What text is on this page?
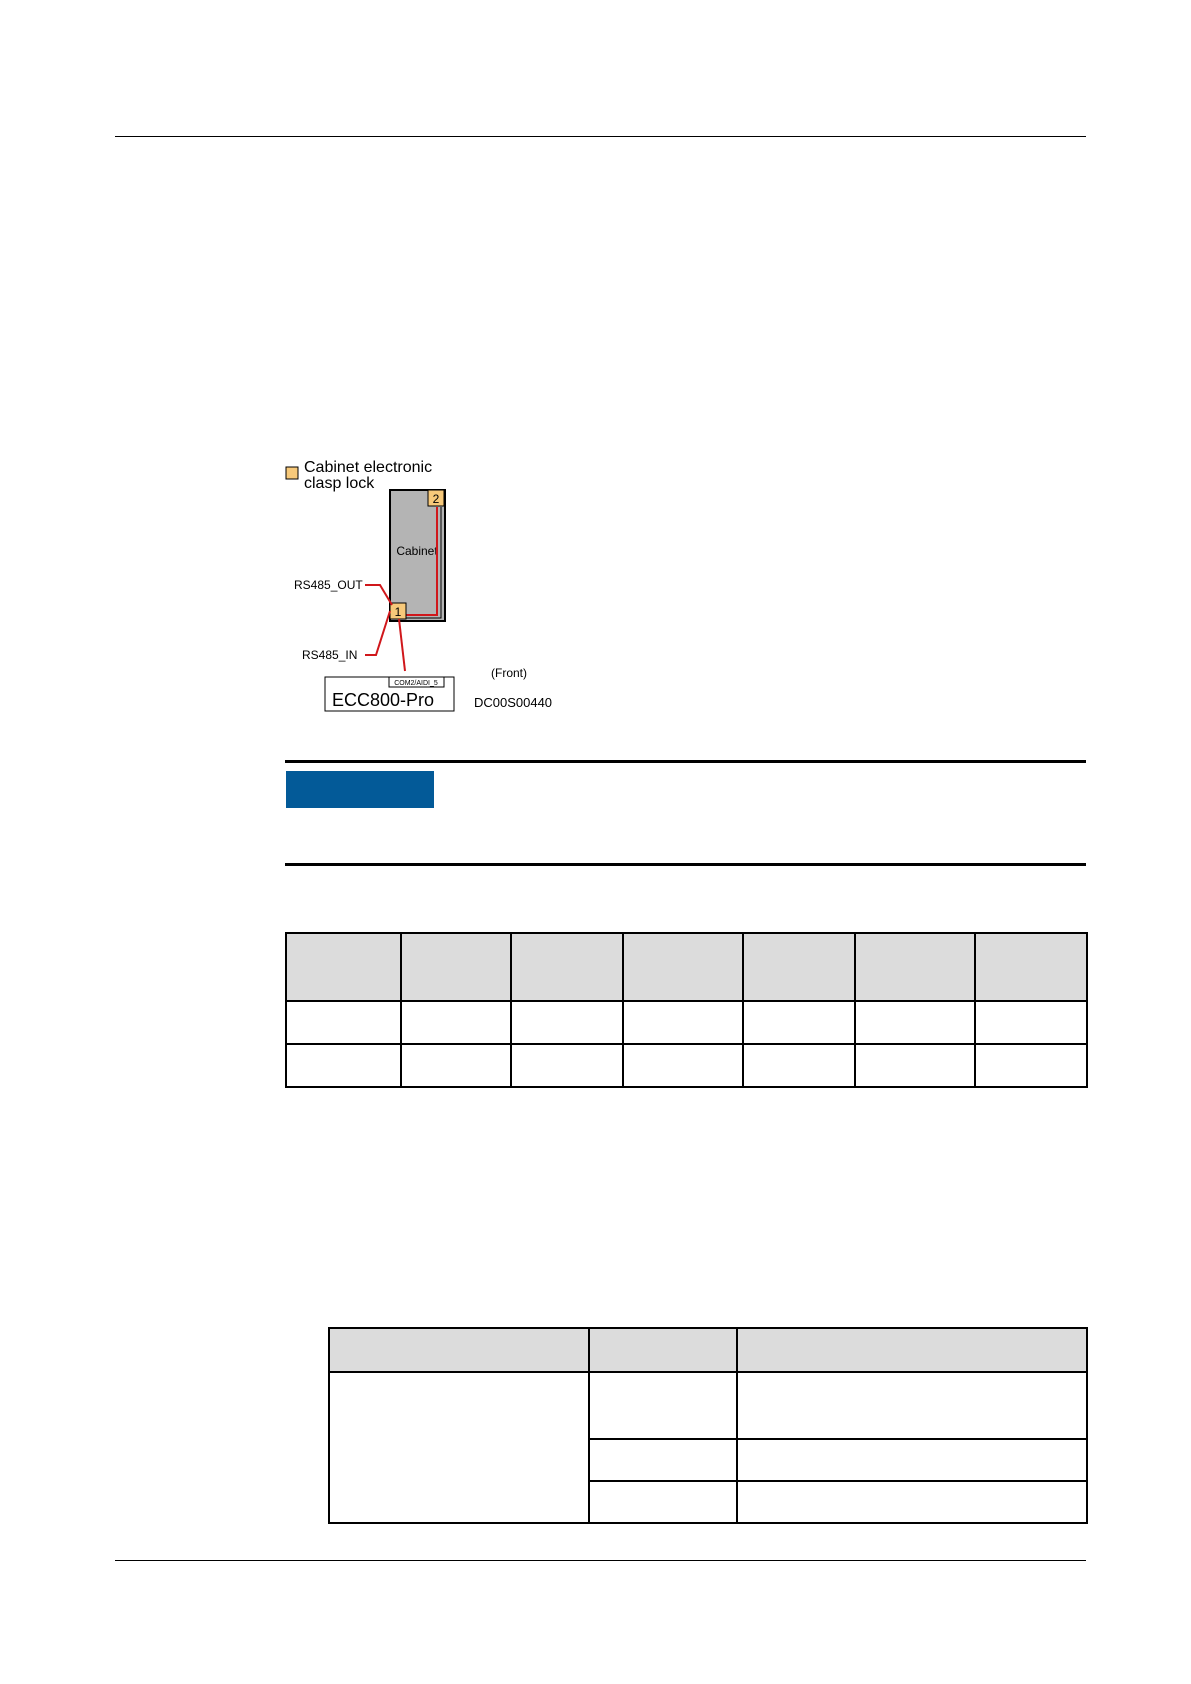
Cabinet electronic
clasp lock
Cabinet
2
1
RS485_OUT
RS485_IN
COM2/AIDI_5
ECC800-Pro
(Front)
DC00S00440
